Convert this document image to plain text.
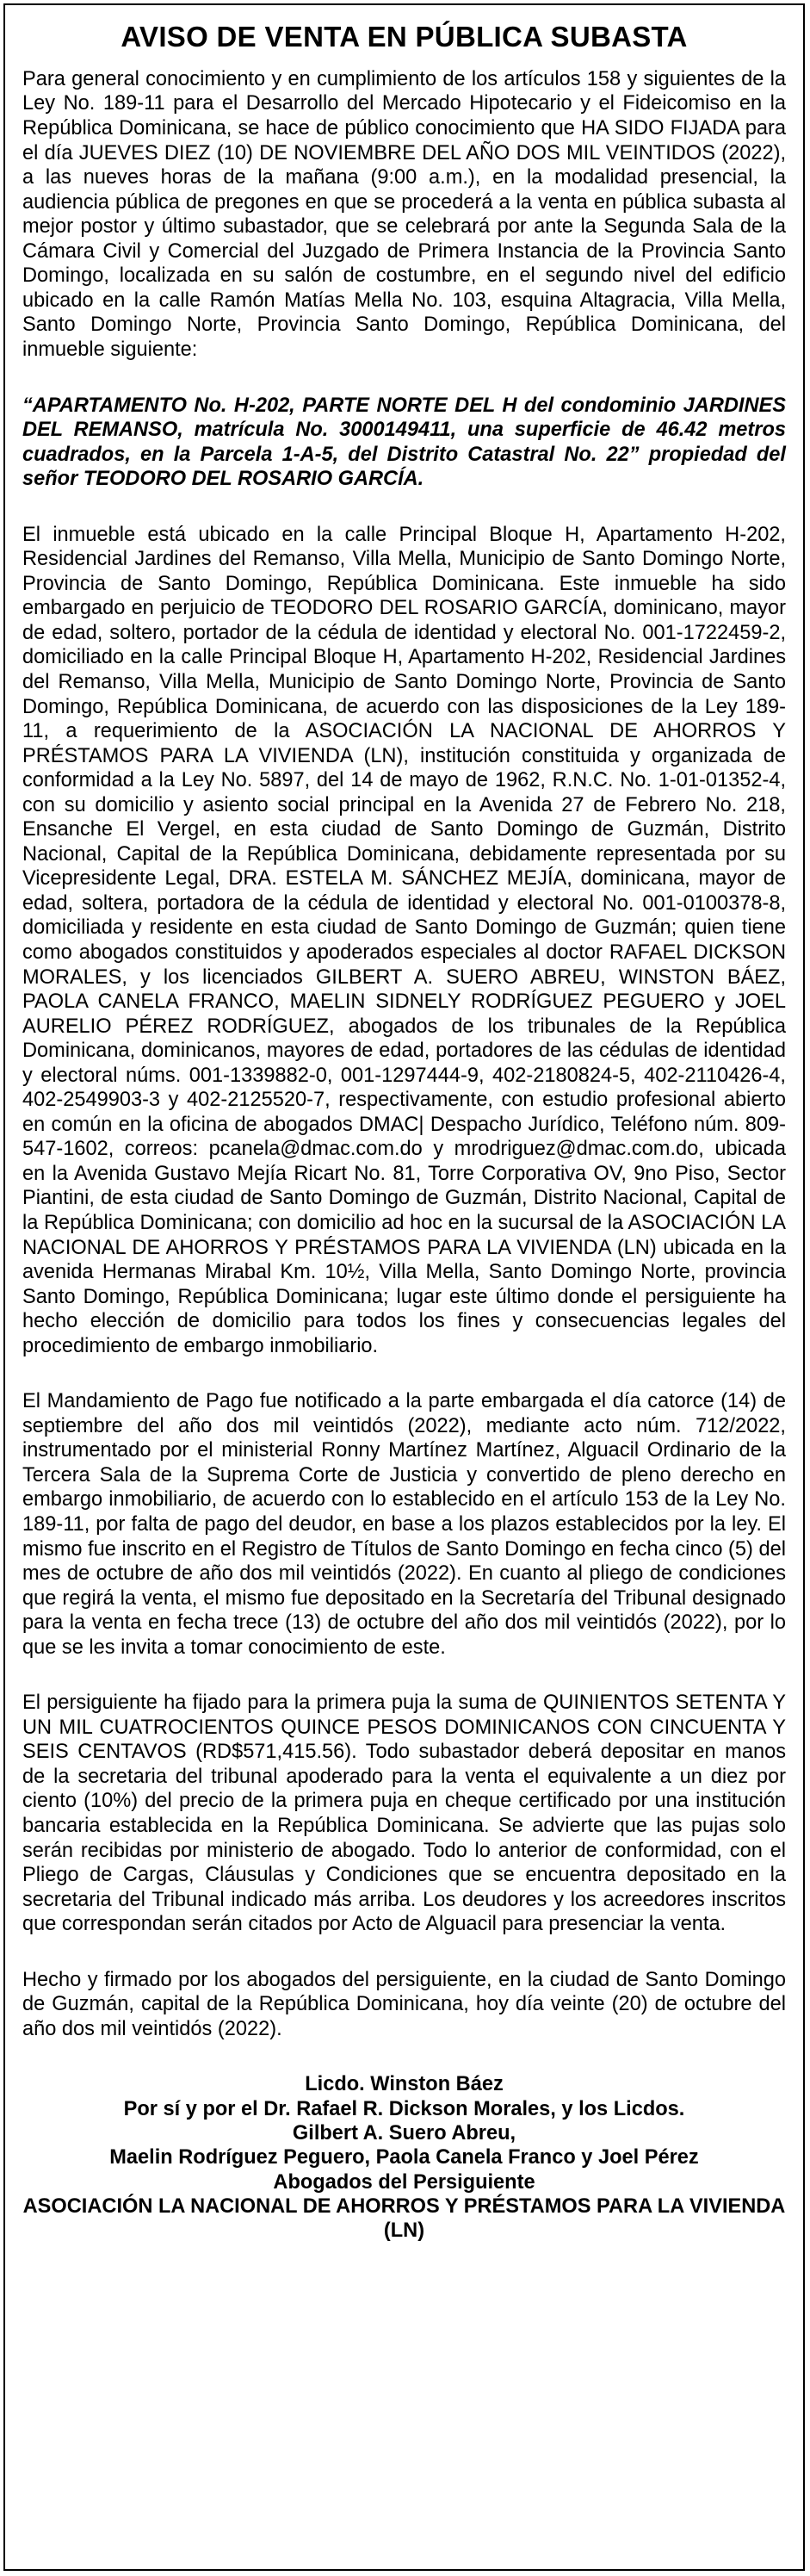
AVISO DE VENTA EN PÚBLICA SUBASTA

Para general conocimiento y en cumplimiento de los artículos 158 y siguientes de la Ley No. 189-11 para el Desarrollo del Mercado Hipotecario y el Fideicomiso en la República Dominicana, se hace de público conocimiento que HA SIDO FIJADA para el día JUEVES DIEZ (10) DE NOVIEMBRE DEL AÑO DOS MIL VEINTIDOS (2022), a las nueves horas de la mañana (9:00 a.m.), en la modalidad presencial, la audiencia pública de pregones en que se procederá a la venta en pública subasta al mejor postor y último subastador, que se celebrará por ante la Segunda Sala de la Cámara Civil y Comercial del Juzgado de Primera Instancia de la Provincia Santo Domingo, localizada en su salón de costumbre, en el segundo nivel del edificio ubicado en la calle Ramón Matías Mella No. 103, esquina Altagracia, Villa Mella, Santo Domingo Norte, Provincia Santo Domingo, República Dominicana, del inmueble siguiente:

“APARTAMENTO No. H-202, PARTE NORTE DEL H del condominio JARDINES DEL REMANSO, matrícula No. 3000149411, una superficie de 46.42 metros cuadrados, en la Parcela 1-A-5, del Distrito Catastral No. 22” propiedad del señor TEODORO DEL ROSARIO GARCÍA.

El inmueble está ubicado en la calle Principal Bloque H, Apartamento H-202, Residencial Jardines del Remanso, Villa Mella, Municipio de Santo Domingo Norte, Provincia de Santo Domingo, República Dominicana. Este inmueble ha sido embargado en perjuicio de TEODORO DEL ROSARIO GARCÍA, dominicano, mayor de edad, soltero, portador de la cédula de identidad y electoral No. 001-1722459-2, domiciliado en la calle Principal Bloque H, Apartamento H-202, Residencial Jardines del Remanso, Villa Mella, Municipio de Santo Domingo Norte, Provincia de Santo Domingo, República Dominicana, de acuerdo con las disposiciones de la Ley 189-11, a requerimiento de la ASOCIACIÓN LA NACIONAL DE AHORROS Y PRÉSTAMOS PARA LA VIVIENDA (LN), institución constituida y organizada de conformidad a la Ley No. 5897, del 14 de mayo de 1962, R.N.C. No. 1-01-01352-4, con su domicilio y asiento social principal en la Avenida 27 de Febrero No. 218, Ensanche El Vergel, en esta ciudad de Santo Domingo de Guzmán, Distrito Nacional, Capital de la República Dominicana, debidamente representada por su Vicepresidente Legal, DRA. ESTELA M. SÁNCHEZ MEJÍA, dominicana, mayor de edad, soltera, portadora de la cédula de identidad y electoral No. 001-0100378-8, domiciliada y residente en esta ciudad de Santo Domingo de Guzmán; quien tiene como abogados constituidos y apoderados especiales al doctor RAFAEL DICKSON MORALES, y los licenciados GILBERT A. SUERO ABREU, WINSTON BÁEZ, PAOLA CANELA FRANCO, MAELIN SIDNELY RODRÍGUEZ PEGUERO y JOEL AURELIO PÉREZ RODRÍGUEZ, abogados de los tribunales de la República Dominicana, dominicanos, mayores de edad, portadores de las cédulas de identidad y electoral núms. 001-1339882-0, 001-1297444-9, 402-2180824-5, 402-2110426-4, 402-2549903-3 y 402-2125520-7, respectivamente, con estudio profesional abierto en común en la oficina de abogados DMAC| Despacho Jurídico, Teléfono núm. 809-547-1602, correos: pcanela@dmac.com.do y mrodriguez@dmac.com.do, ubicada en la Avenida Gustavo Mejía Ricart No. 81, Torre Corporativa OV, 9no Piso, Sector Piantini, de esta ciudad de Santo Domingo de Guzmán, Distrito Nacional, Capital de la República Dominicana; con domicilio ad hoc en la sucursal de la ASOCIACIÓN LA NACIONAL DE AHORROS Y PRÉSTAMOS PARA LA VIVIENDA (LN) ubicada en la avenida Hermanas Mirabal Km. 10½, Villa Mella, Santo Domingo Norte, provincia Santo Domingo, República Dominicana; lugar este último donde el persiguiente ha hecho elección de domicilio para todos los fines y consecuencias legales del procedimiento de embargo inmobiliario.

El Mandamiento de Pago fue notificado a la parte embargada el día catorce (14) de septiembre del año dos mil veintidós (2022), mediante acto núm. 712/2022, instrumentado por el ministerial Ronny Martínez Martínez, Alguacil Ordinario de la Tercera Sala de la Suprema Corte de Justicia y convertido de pleno derecho en embargo inmobiliario, de acuerdo con lo establecido en el artículo 153 de la Ley No. 189-11, por falta de pago del deudor, en base a los plazos establecidos por la ley. El mismo fue inscrito en el Registro de Títulos de Santo Domingo en fecha cinco (5) del mes de octubre de año dos mil veintidós (2022). En cuanto al pliego de condiciones que regirá la venta, el mismo fue depositado en la Secretaría del Tribunal designado para la venta en fecha trece (13) de octubre del año dos mil veintidós (2022), por lo que se les invita a tomar conocimiento de este.

El persiguiente ha fijado para la primera puja la suma de QUINIENTOS SETENTA Y UN MIL CUATROCIENTOS QUINCE PESOS DOMINICANOS CON CINCUENTA Y SEIS CENTAVOS (RD$571,415.56). Todo subastador deberá depositar en manos de la secretaria del tribunal apoderado para la venta el equivalente a un diez por ciento (10%) del precio de la primera puja en cheque certificado por una institución bancaria establecida en la República Dominicana. Se advierte que las pujas solo serán recibidas por ministerio de abogado. Todo lo anterior de conformidad, con el Pliego de Cargas, Cláusulas y Condiciones que se encuentra depositado en la secretaria del Tribunal indicado más arriba. Los deudores y los acreedores inscritos que correspondan serán citados por Acto de Alguacil para presenciar la venta.

Hecho y firmado por los abogados del persiguiente, en la ciudad de Santo Domingo de Guzmán, capital de la República Dominicana, hoy día veinte (20) de octubre del año dos mil veintidós (2022).

Licdo. Winston Báez
Por sí y por el Dr. Rafael R. Dickson Morales, y los Licdos.
Gilbert A. Suero Abreu,
Maelin Rodríguez Peguero, Paola Canela Franco y Joel Pérez
Abogados del Persiguiente
ASOCIACIÓN LA NACIONAL DE AHORROS Y PRÉSTAMOS PARA LA VIVIENDA (LN)
